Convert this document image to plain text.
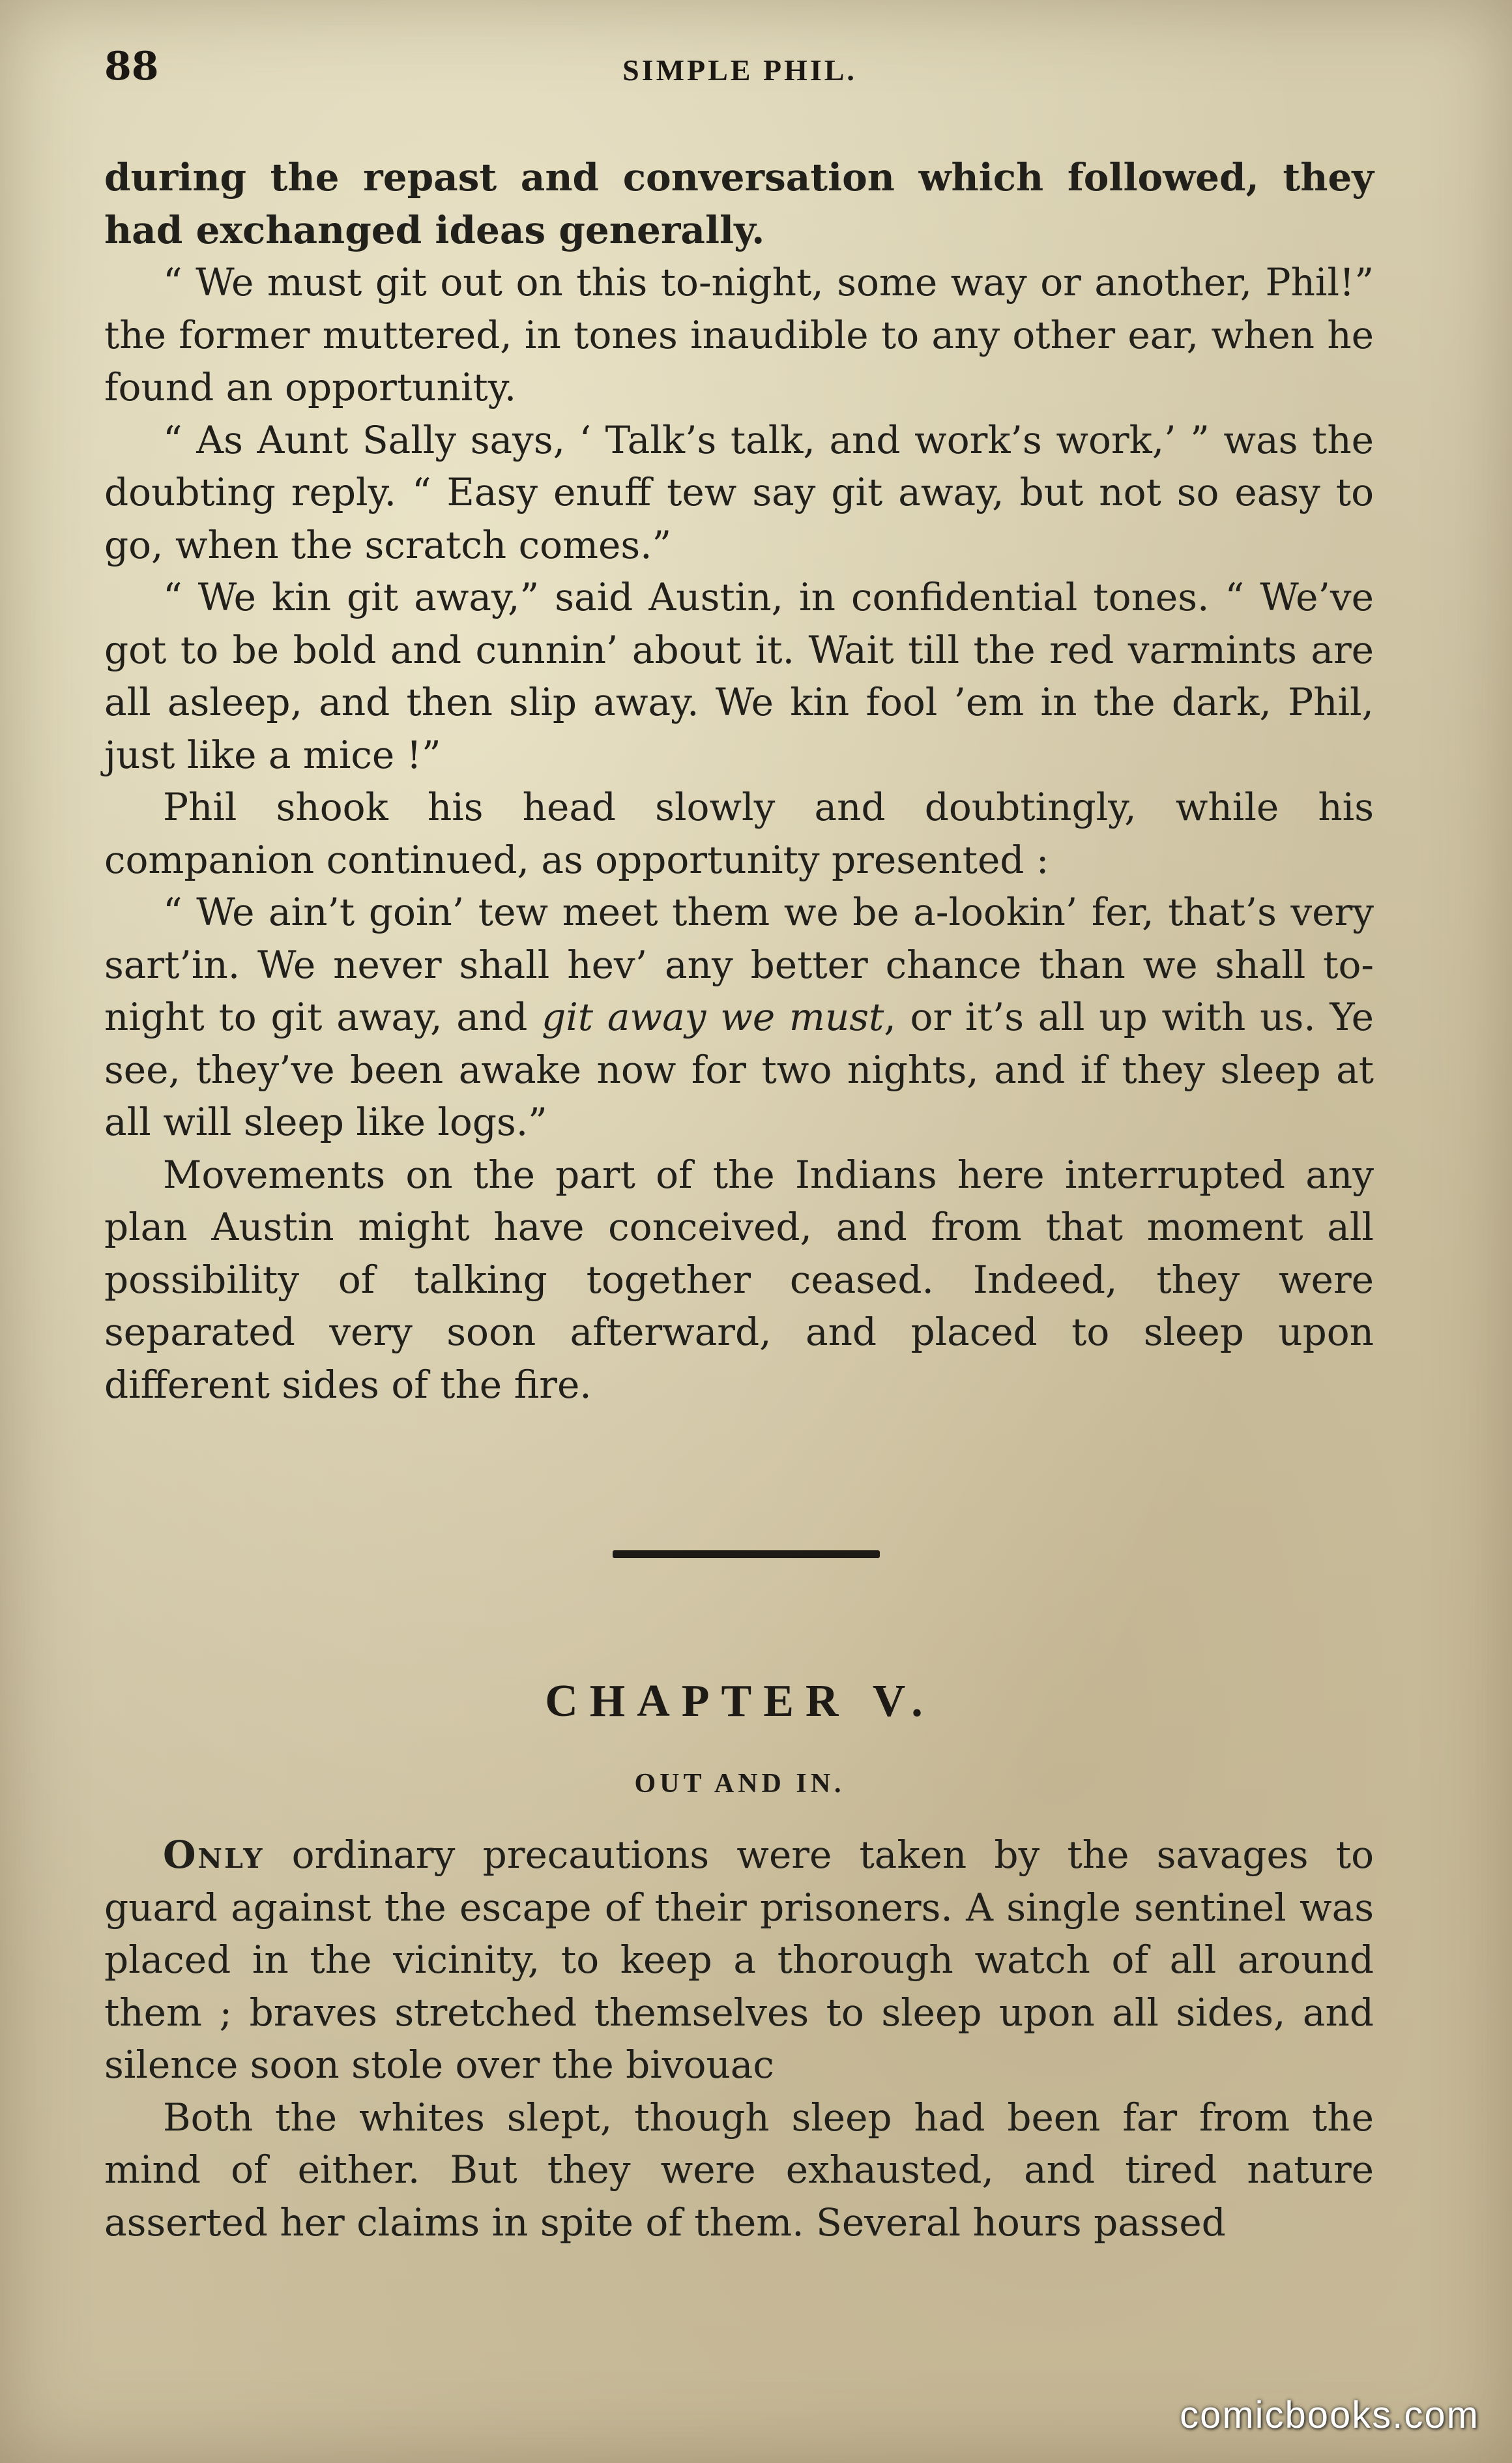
88	SIMPLE PHIL.

during the repast and conversation which followed, they had exchanged ideas generally.

“ We must git out on this to-night, some way or another, Phil!” the former muttered, in tones inaudible to any other ear, when he found an opportunity.

“ As Aunt Sally says, ‘ Talk’s talk, and work’s work,’ ” was the doubting reply. “ Easy enuff tew say git away, but not so easy to go, when the scratch comes.”

“ We kin git away,” said Austin, in confidential tones. “ We’ve got to be bold and cunnin’ about it. Wait till the red varmints are all asleep, and then slip away. We kin fool ’em in the dark, Phil, just like a mice !”

Phil shook his head slowly and doubtingly, while his companion continued, as opportunity presented :

“ We ain’t goin’ tew meet them we be a-lookin’ fer, that’s very sart’in. We never shall hev’ any better chance than we shall to-night to git away, and git away we must, or it’s all up with us. Ye see, they’ve been awake now for two nights, and if they sleep at all will sleep like logs.”

Movements on the part of the Indians here interrupted any plan Austin might have conceived, and from that moment all possibility of talking together ceased. Indeed, they were separated very soon afterward, and placed to sleep upon different sides of the fire.

CHAPTER V.
OUT AND IN.

Only ordinary precautions were taken by the savages to guard against the escape of their prisoners. A single sentinel was placed in the vicinity, to keep a thorough watch of all around them ; braves stretched themselves to sleep upon all sides, and silence soon stole over the bivouac

Both the whites slept, though sleep had been far from the mind of either. But they were exhausted, and tired nature asserted her claims in spite of them. Several hours passed

comicbooks.com
